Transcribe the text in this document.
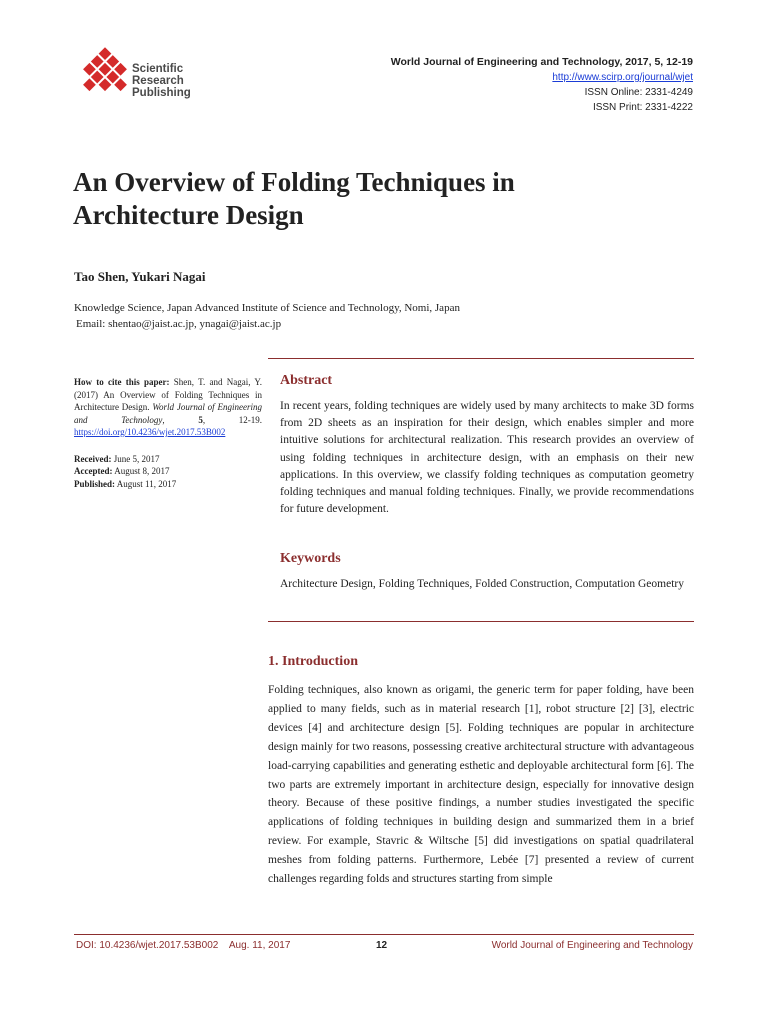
Scientific
Research
Publishing
World Journal of Engineering and Technology, 2017, 5, 12-19
http://www.scirp.org/journal/wjet
ISSN Online: 2331-4249
ISSN Print: 2331-4222
An Overview of Folding Techniques in
Architecture Design
Tao Shen, Yukari Nagai
Knowledge Science, Japan Advanced Institute of Science and Technology, Nomi, Japan
Email: shentao@jaist.ac.jp, ynagai@jaist.ac.jp
How to cite this paper: Shen, T. and Nagai, Y. (2017) An Overview of Folding Techniques in Architecture Design. World Journal of Engineering and Technology, 5, 12-19.
https://doi.org/10.4236/wjet.2017.53B002
Received: June 5, 2017
Accepted: August 8, 2017
Published: August 11, 2017
Abstract
In recent years, folding techniques are widely used by many architects to make 3D forms from 2D sheets as an inspiration for their design, which enables simpler and more intuitive solutions for architectural realization. This research provides an overview of using folding techniques in architecture design, with an emphasis on their new applications. In this overview, we classify folding techniques as computation geometry folding techniques and manual folding techniques. Finally, we provide recommendations for future development.
Keywords
Architecture Design, Folding Techniques, Folded Construction, Computation Geometry
1. Introduction
Folding techniques, also known as origami, the generic term for paper folding, have been applied to many fields, such as in material research [1], robot structure [2] [3], electric devices [4] and architecture design [5]. Folding techniques are popular in architecture design mainly for two reasons, possessing creative architectural structure with advantageous load-carrying capabilities and generating esthetic and deployable architectural form [6]. The two parts are extremely important in architecture design, especially for innovative design theory. Because of these positive findings, a number studies investigated the specific applications of folding techniques in building design and summarized them in a brief review. For example, Stavric & Wiltsche [5] did investigations on spatial quadrilateral meshes from folding patterns. Furthermore, Lebée [7] presented a review of current challenges regarding folds and structures starting from simple
DOI: 10.4236/wjet.2017.53B002    Aug. 11, 2017	12	World Journal of Engineering and Technology
